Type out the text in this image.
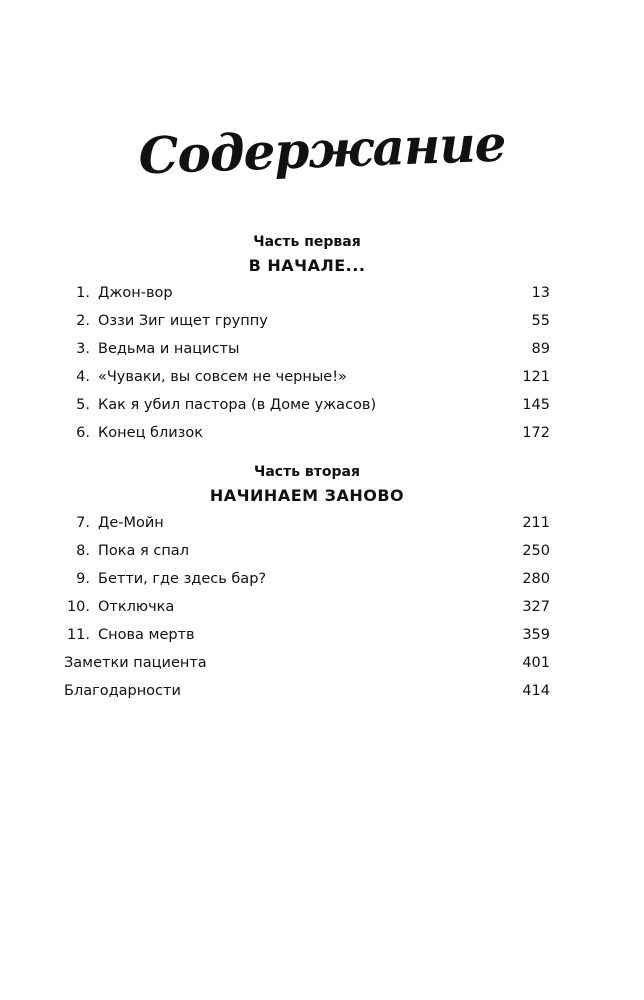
Содержание
Часть первая
В НАЧАЛЕ...
1. Джон-вор	13
2. Оззи Зиг ищет группу	55
3. Ведьма и нацисты	89
4. «Чуваки, вы совсем не черные!»	121
5. Как я убил пастора (в Доме ужасов)	145
6. Конец близок	172
Часть вторая
НАЧИНАЕМ ЗАНОВО
7. Де-Мойн	211
8. Пока я спал	250
9. Бетти, где здесь бар?	280
10. Отключка	327
11. Снова мертв	359
Заметки пациента	401
Благодарности	414
